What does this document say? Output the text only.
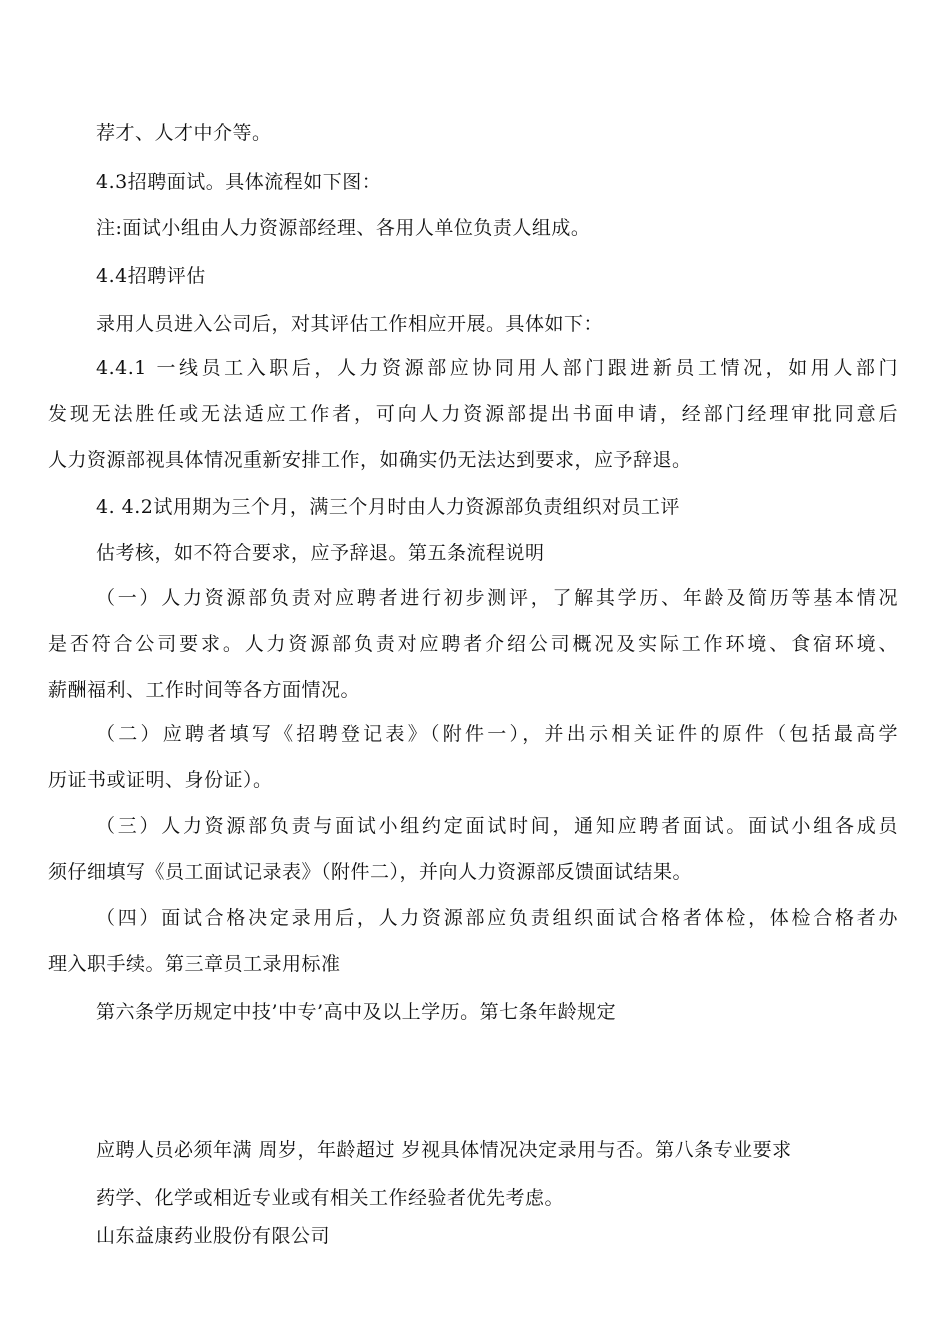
荐才、人才中介等。
4.3招聘面试。具体流程如下图：
注:面试小组由人力资源部经理、各用人单位负责人组成。
4.4招聘评估
录用人员进入公司后，对其评估工作相应开展。具体如下：
4.4.1 一线员工入职后，人力资源部应协同用人部门跟进新员工情况，如用人部门
发现无法胜任或无法适应工作者，可向人力资源部提出书面申请，经部门经理审批同意后
人力资源部视具体情况重新安排工作，如确实仍无法达到要求，应予辞退。
4. 4.2试用期为三个月，满三个月时由人力资源部负责组织对员工评
估考核，如不符合要求，应予辞退。第五条流程说明
（一）人力资源部负责对应聘者进行初步测评，了解其学历、年龄及简历等基本情况
是否符合公司要求。人力资源部负责对应聘者介绍公司概况及实际工作环境、食宿环境、
薪酬福利、工作时间等各方面情况。
（二）应聘者填写《招聘登记表》（附件一），并出示相关证件的原件（包括最高学
历证书或证明、身份证）。
（三）人力资源部负责与面试小组约定面试时间，通知应聘者面试。面试小组各成员
须仔细填写《员工面试记录表》（附件二），并向人力资源部反馈面试结果。
（四）面试合格决定录用后，人力资源部应负责组织面试合格者体检，体检合格者办
理入职手续。第三章员工录用标准
第六条学历规定中技’中专’高中及以上学历。第七条年龄规定
应聘人员必须年满 周岁，年龄超过 岁视具体情况决定录用与否。第八条专业要求
药学、化学或相近专业或有相关工作经验者优先考虑。
山东益康药业股份有限公司
